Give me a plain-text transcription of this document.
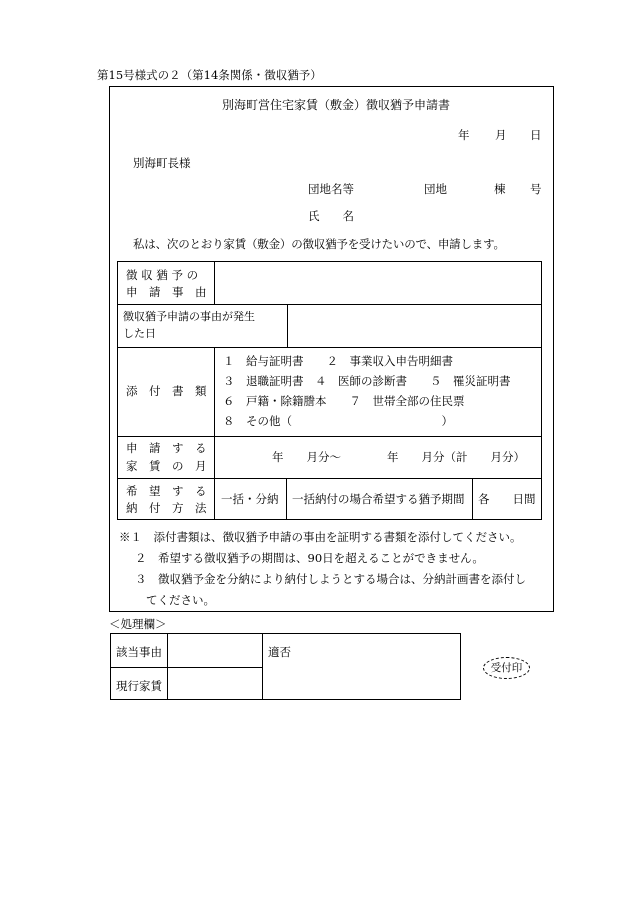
第15号様式の２（第14条関係・徴収猶予）
別海町営住宅家賃（敷金）徴収猶予申請書
年 月 日
別海町長様
団地名等	団地	棟 号
氏　　名
私は、次のとおり家賃（敷金）の徴収猶予を受けたいので、申請します。
徴 収 猶 予 の
申　請　事　由
徴収猶予申請の事由が発生
した日
添　付　書　類
１　給与証明書　　２　事業収入申告明細書
３　退職証明書　４　医師の診断書　　５　罹災証明書
６　戸籍・除籍謄本　　７　世帯全部の住民票
８　その他（　　　　　　　　　　　　　）
申　請　す　る
家　賃　の　月
年　　月分～　　　　年　　月分（計　　月分）
希　望　す　る
納　付　方　法
一括・分納 一括納付の場合希望する猶予期間 各　　日間
※１　添付書類は、徴収猶予申請の事由を証明する書類を添付してください。
２　希望する徴収猶予の期間は、90日を超えることができません。
３　徴収猶予金を分納により納付しようとする場合は、分納計画書を添付し
てください。
＜処理欄＞
該当事由
現行家賃
適否
受付印
